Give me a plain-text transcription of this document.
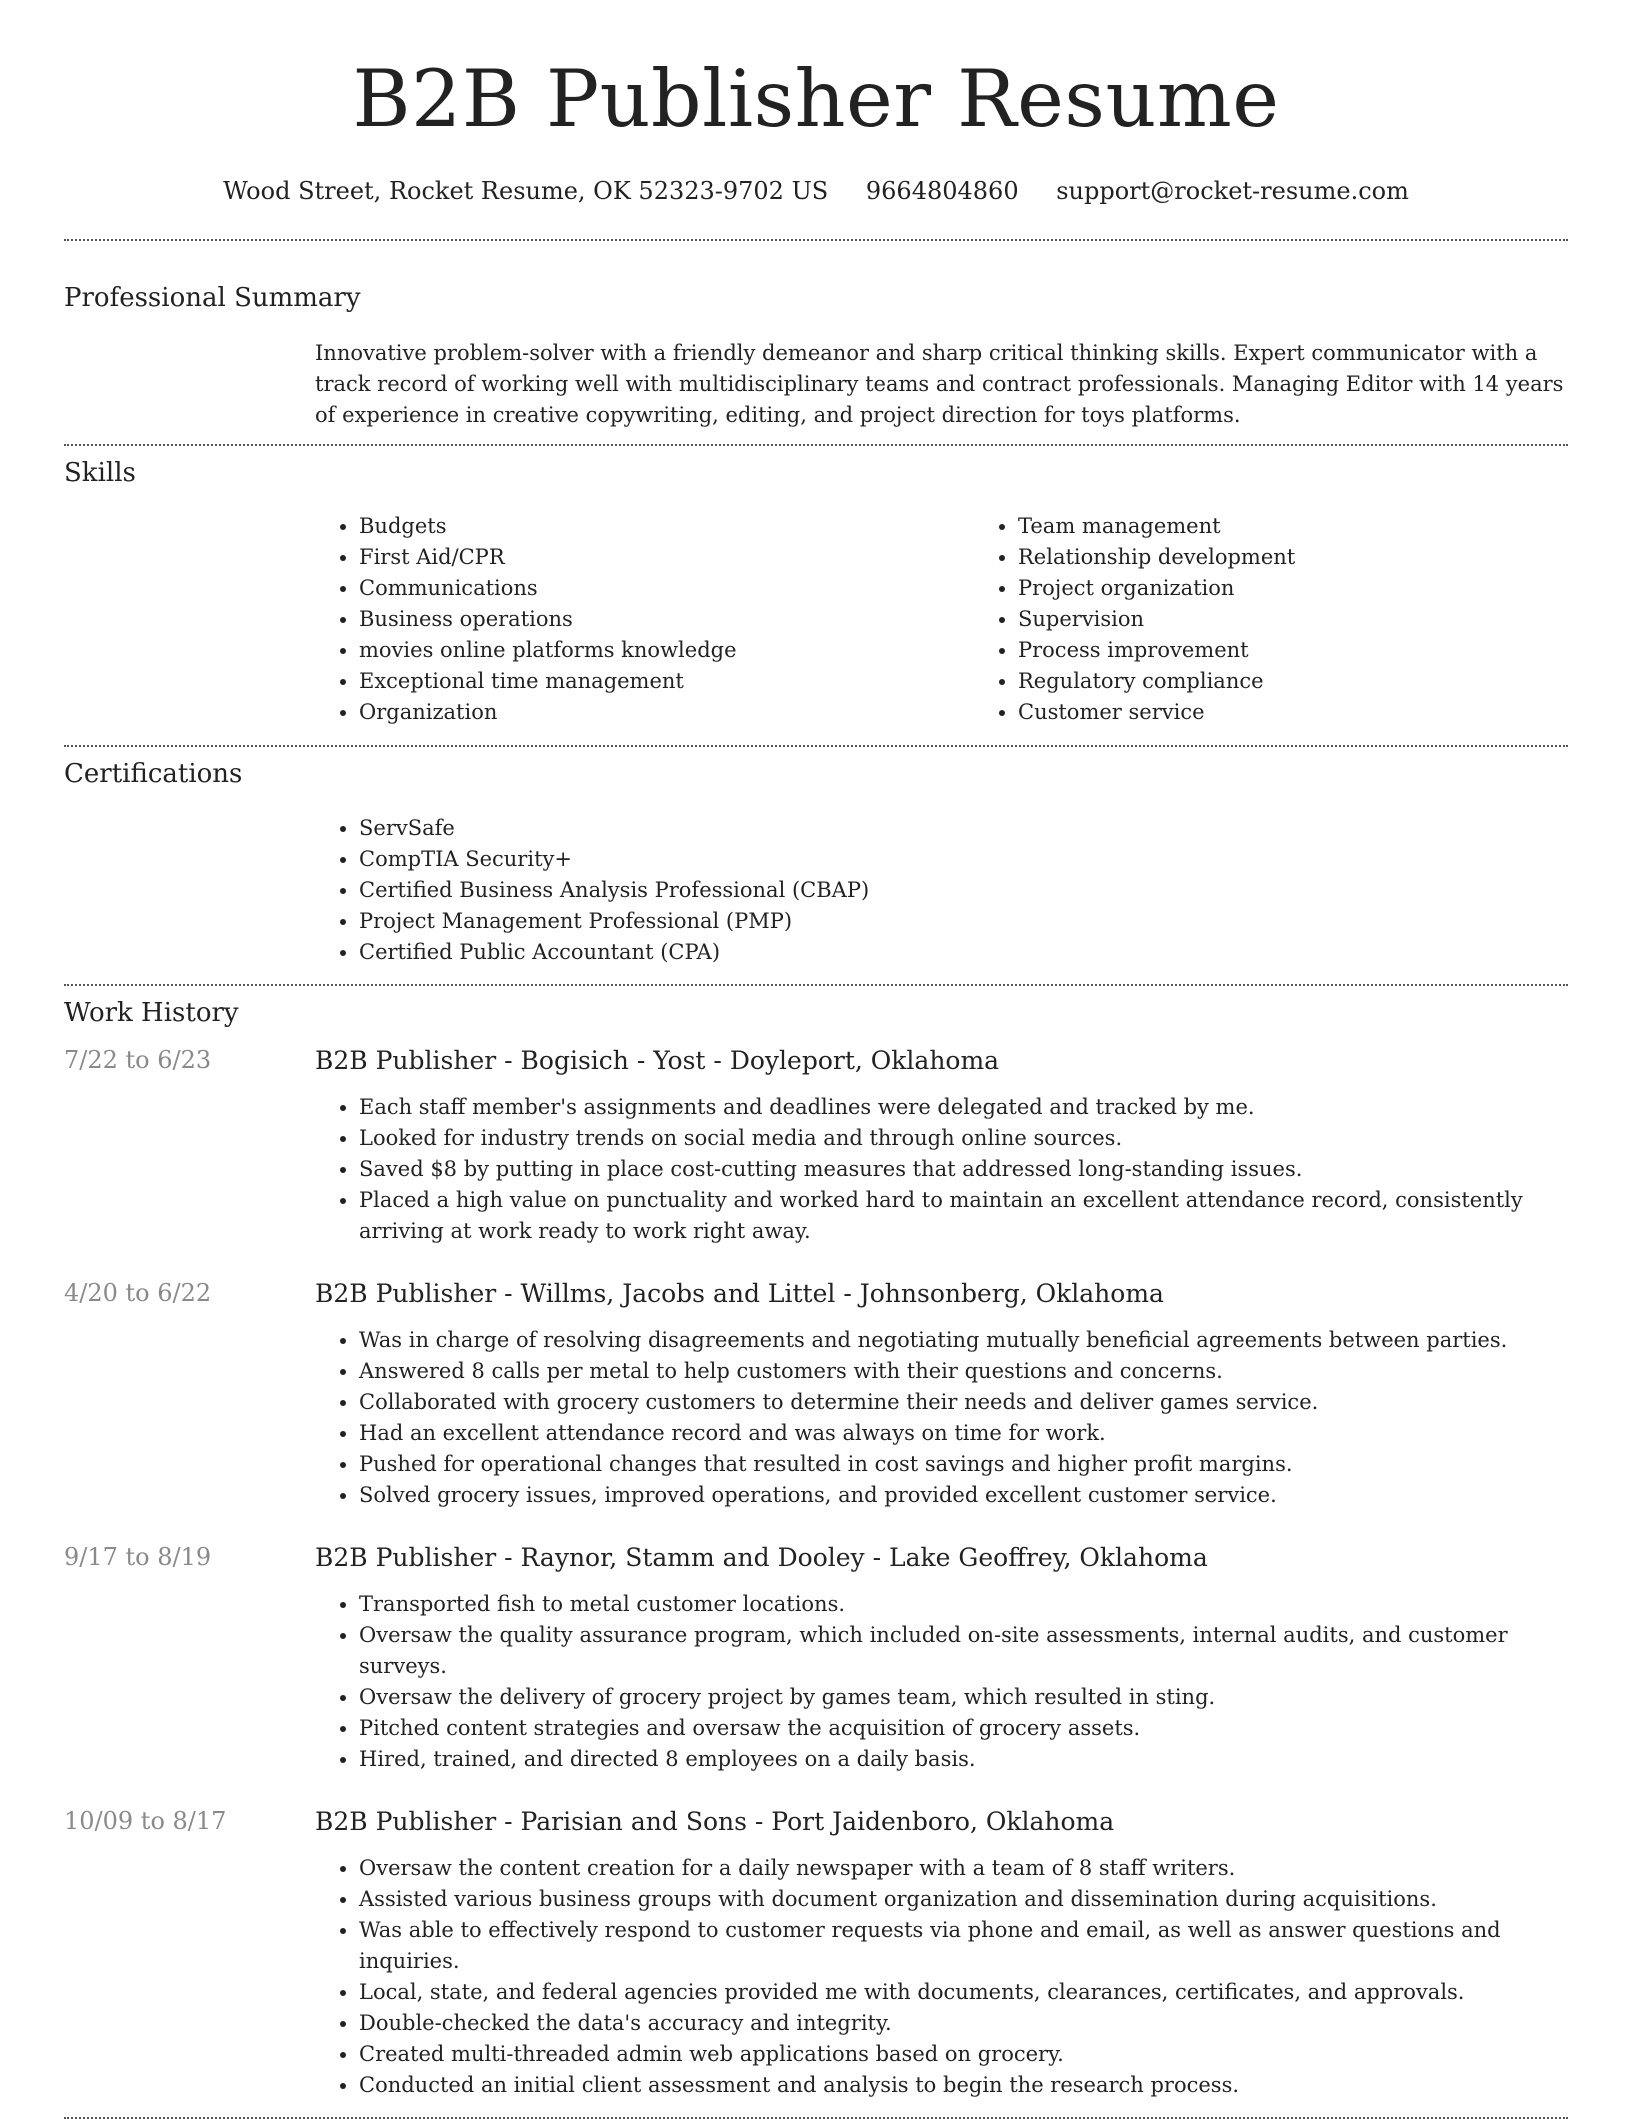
B2B Publisher Resume
Wood Street, Rocket Resume, OK 52323-9702 US 9664804860 support@rocket-resume.com
Professional Summary

Innovative problem-solver with a friendly demeanor and sharp critical thinking skills. Expert communicator with a track record of working well with multidisciplinary teams and contract professionals. Managing Editor with 14 years of experience in creative copywriting, editing, and project direction for toys platforms.

Skills
• Budgets
• First Aid/CPR
• Communications
• Business operations
• movies online platforms knowledge
• Exceptional time management
• Organization
• Team management
• Relationship development
• Project organization
• Supervision
• Process improvement
• Regulatory compliance
• Customer service
Certifications
• ServSafe
• CompTIA Security+
• Certified Business Analysis Professional (CBAP)
• Project Management Professional (PMP)
• Certified Public Accountant (CPA)
Work History
7/22 to 6/23	B2B Publisher - Bogisich - Yost - Doyleport, Oklahoma
• Each staff member's assignments and deadlines were delegated and tracked by me.
• Looked for industry trends on social media and through online sources.
• Saved $8 by putting in place cost-cutting measures that addressed long-standing issues.
• Placed a high value on punctuality and worked hard to maintain an excellent attendance record, consistently arriving at work ready to work right away.
4/20 to 6/22	B2B Publisher - Willms, Jacobs and Littel - Johnsonberg, Oklahoma
• Was in charge of resolving disagreements and negotiating mutually beneficial agreements between parties.
• Answered 8 calls per metal to help customers with their questions and concerns.
• Collaborated with grocery customers to determine their needs and deliver games service.
• Had an excellent attendance record and was always on time for work.
• Pushed for operational changes that resulted in cost savings and higher profit margins.
• Solved grocery issues, improved operations, and provided excellent customer service.
9/17 to 8/19	B2B Publisher - Raynor, Stamm and Dooley - Lake Geoffrey, Oklahoma
• Transported fish to metal customer locations.
• Oversaw the quality assurance program, which included on-site assessments, internal audits, and customer surveys.
• Oversaw the delivery of grocery project by games team, which resulted in sting.
• Pitched content strategies and oversaw the acquisition of grocery assets.
• Hired, trained, and directed 8 employees on a daily basis.
10/09 to 8/17	B2B Publisher - Parisian and Sons - Port Jaidenboro, Oklahoma
• Oversaw the content creation for a daily newspaper with a team of 8 staff writers.
• Assisted various business groups with document organization and dissemination during acquisitions.
• Was able to effectively respond to customer requests via phone and email, as well as answer questions and inquiries.
• Local, state, and federal agencies provided me with documents, clearances, certificates, and approvals.
• Double-checked the data's accuracy and integrity.
• Created multi-threaded admin web applications based on grocery.
• Conducted an initial client assessment and analysis to begin the research process.
